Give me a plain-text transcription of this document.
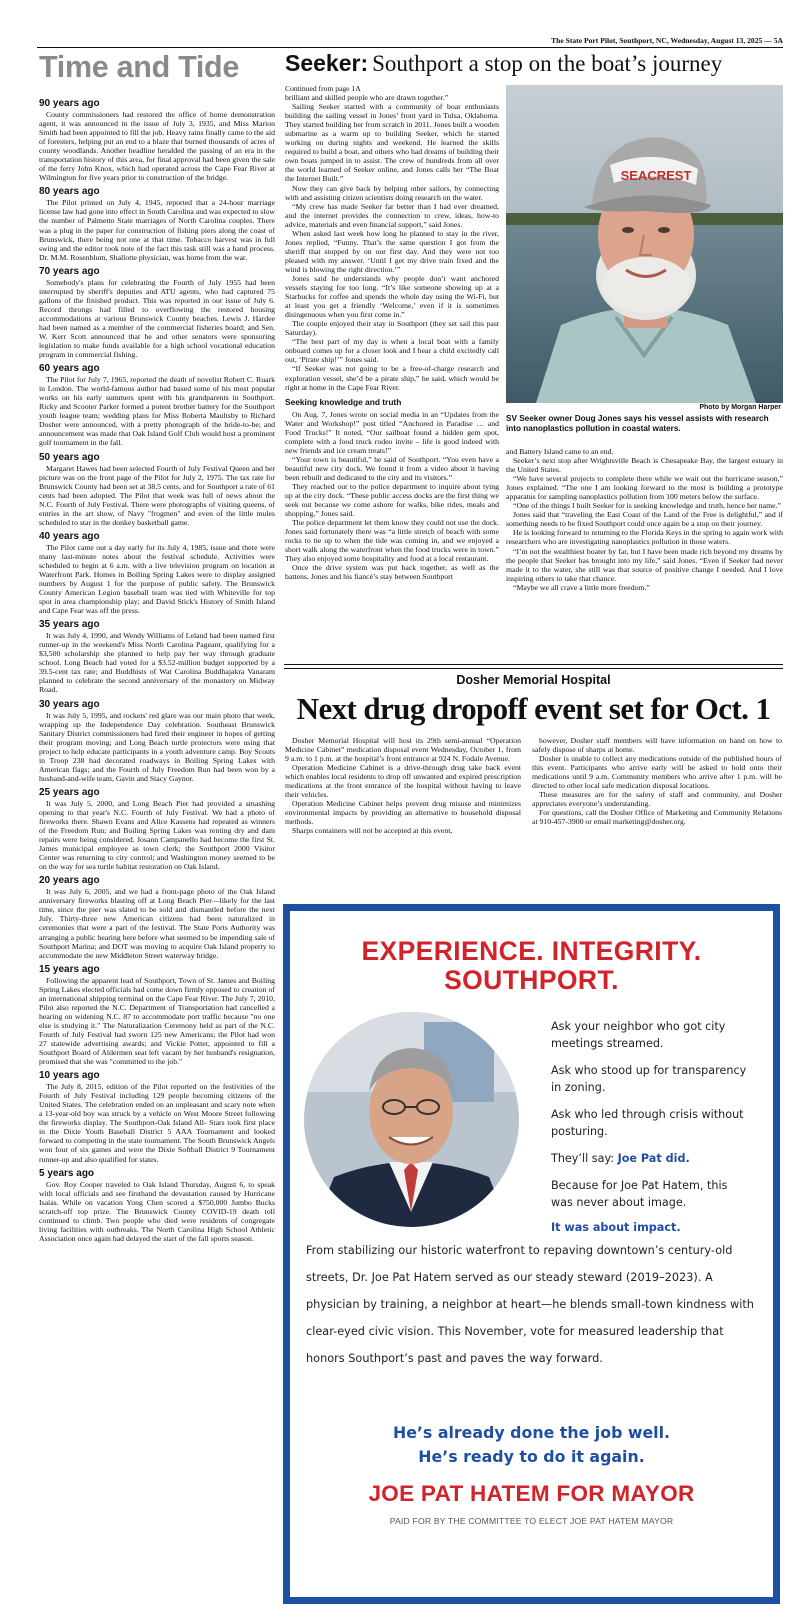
The State Port Pilot, Southport, NC, Wednesday, August 13, 2025 — 5A
Time and Tide
90 years ago

County commissioners had restored the office of home demonstration agent, it was announced in the issue of July 3, 1935, and Miss Marion Smith had been appointed to fill the job. Heavy rains finally came to the aid of foresters, helping put an end to a blaze that burned thousands of acres of county woodlands. Another headline heralded the passing of an era in the transportation history of this area, for final approval had been given the sale of the ferry John Knox, which had operated across the Cape Fear River at Wilmington for five years prior to construction of the bridge.

80 years ago

The Pilot printed on July 4, 1945, reported that a 24-hour marriage license law had gone into effect in South Carolina and was expected to slow the number of Palmetto State marriages of North Carolina couples. There was a plug in the paper for construction of fishing piers along the coast of Brunswick, there being not one at that time. Tobacco harvest was in full swing and the editor took note of the fact this task still was a hand process. Dr. M.M. Rosenblum, Shallotte physician, was home from the war.

70 years ago

Somebody's plans for celebrating the Fourth of July 1955 had been interrupted by sheriff's deputies and ATU agents, who had captured 75 gallons of the finished product. This was reported in our issue of July 6. Record throngs had filled to overflowing the restored housing accommodations at various Brunswick County beaches. Lewis J. Hardee had been named as a member of the commercial fisheries board; and Sen. W. Kerr Scott announced that he and other senators were sponsoring legislation to make funds available for a high school vocational education program in commercial fishing.

60 years ago

The Pilot for July 7, 1965, reported the death of novelist Robert C. Ruark in London. The world-famous author had based some of his most popular works on his early summers spent with his grandparents in Southport. Ricky and Scooter Parker formed a potent brother battery for the Southport youth league team; wedding plans for Miss Roberta Maultsby to Richard Dosher were announced, with a pretty photograph of the bride-to-be; and announcement was made that Oak Island Golf Club would host a prominent golf tournament in the fall.

50 years ago

Margaret Hawes had been selected Fourth of July Festival Queen and her picture was on the front page of the Pilot for July 2, 1975. The tax rate for Brunswick County had been set at 38.5 cents, and for Southport a rate of 61 cents had been adopted. The Pilot that week was full of news about the N.C. Fourth of July Festival. There were photographs of visiting queens, of entries in the art show, of Navy "frogmen" and even of the little mules scheduled to star in the donkey basketball game.

40 years ago

The Pilot came out a day early for its July 4, 1985, issue and there were many last-minute notes about the festival schedule. Activities were scheduled to begin at 6 a.m. with a live television program on location at Waterfront Park. Homes in Boiling Spring Lakes were to display assigned numbers by August 1 for the purpose of public safety. The Brunswick County American Legion baseball team was tied with Whiteville for top spot in area championship play; and David Stick's History of Smith Island and Cape Fear was off the press.

35 years ago

It was July 4, 1990, and Wendy Williams of Leland had been named first runner-up in the weekend's Miss North Carolina Pageant, qualifying for a $3,500 scholarship she planned to help pay her way through graduate school. Long Beach had voted for a $3.52-million budget supported by a 39.5-cent tax rate; and Buddhists of Wat Carolina Buddhajakra Vanaram planned to celebrate the second anniversary of the monastery on Midway Road.

30 years ago

It was July 5, 1995, and rockets' red glare was our main photo that week, wrapping up the Independence Day celebration. Southeast Brunswick Sanitary District commissioners had fired their engineer in hopes of getting their program moving; and Long Beach turtle protectors were using that project to help educate participants in a youth adventure camp. Boy Scouts in Troop 238 had decorated roadways in Boiling Spring Lakes with American flags; and the Fourth of July Freedom Run had been won by a husband-and-wife team, Gavin and Stacy Gaynor.

25 years ago

It was July 5, 2000, and Long Beach Pier had provided a smashing opening to that year's N.C. Fourth of July Festival. We had a photo of fireworks there. Shawn Evans and Alice Kassens had repeated as winners of the Freedom Run; and Boiling Spring Lakes was renting dry and dam repairs were being considered. Josann Campanello had become the first St. James municipal employee as town clerk; the Southport 2000 Visitor Center was returning to city control; and Washington money seemed to be on the way for sea turtle habitat restoration on Oak Island.

20 years ago

It was July 6, 2005, and we had a front-page photo of the Oak Island anniversary fireworks blasting off at Long Beach Pier—likely for the last time, since the pier was slated to be sold and dismantled before the next July. Thirty-three new American citizens had been naturalized in ceremonies that were a part of the festival. The State Ports Authority was arranging a public hearing here before what seemed to be impending sale of Southport Marina; and DOT was moving to acquire Oak Island property to accommodate the new Middleton Street waterway bridge.

15 years ago

Following the apparent lead of Southport, Town of St. James and Boiling Spring Lakes elected officials had come down firmly opposed to creation of an international shipping terminal on the Cape Fear River. The July 7, 2010, Pilot also reported the N.C. Department of Transportation had cancelled a hearing on widening N.C. 87 to accommodate port traffic because "no one else is studying it." The Naturalization Ceremony held as part of the N.C. Fourth of July Festival had sworn 125 new Americans; the Pilot had won 27 statewide advertising awards; and Vickie Potter, appointed to fill a Southport Board of Aldermen seat left vacant by her husband's resignation, promised that she was "committed to the job."

10 years ago

The July 8, 2015, edition of the Pilot reported on the festivities of the Fourth of July Festival including 129 people becoming citizens of the United States. The celebration ended on an unpleasant and scary note when a 13-year-old boy was struck by a vehicle on West Moore Street following the fireworks display. The Southport-Oak Island All- Stars took first place in the Dixie Youth Baseball District 5 AAA Tournament and looked forward to competing in the state tournament. The South Brunswick Angels won four of six games and were the Dixie Softball District 9 Tournament runner-up and also qualified for states.

5 years ago

Gov. Roy Cooper traveled to Oak Island Thursday, August 6, to speak with local officials and see firsthand the devastation caused by Hurricane Isaias. While on vacation Yong Chen scored a $750,000 Jumbo Bucks scratch-off top prize. The Brunswick County COVID-19 death toll continued to climb. Two people who died were residents of congregate living facilities with outbreaks. The North Carolina High School Athletic Association once again had delayed the start of the fall sports season.

Seeker: Southport a stop on the boat’s journey

Continued from page 1A

brilliant and skilled people who are drawn together.”

Sailing Seeker started with a community of boat enthusiasts building the sailing vessel in Jones’ front yard in Tulsa, Oklahoma. They started building her from scratch in 2011. Jones built a wooden submarine as a warm up to building Seeker, which he started working on during nights and weekend. He learned the skills required to build a boat, and others who had dreams of building their own boats jumped in to assist. The crew of hundreds from all over the world learned of Seeker online, and Jones calls her “The Boat the Internet Built.”

Now they can give back by helping other sailors, by connecting with and assisting citizen scientists doing research on the water.

“My crew has made Seeker far better than I had ever dreamed, and the internet provides the connection to crew, ideas, how-to advice, materials and even financial support,” said Jones.

When asked last week how long he planned to stay in the river, Jones replied, “Funny. That’s the same question I got from the sheriff that stopped by on our first day. And they were not too pleased with my answer. ‘Until I get my drive train fixed and the wind is blowing the right direction.’”

Jones said he understands why people don’t want anchored vessels staying for too long. “It’s like someone showing up at a Starbucks for coffee and spends the whole day using the Wi-Fi, but at least you get a friendly ‘Welcome,’ even if it is sometimes disingenuous when you first come in.”

The couple enjoyed their stay in Southport (they set sail this past Saturday).

“The best part of my day is when a local boat with a family onboard comes up for a closer look and I hear a child excitedly call out, ‘Pirate ship!’” Jones said.

“If Seeker was not going to be a free-of-charge research and exploration vessel, she’d be a pirate ship,” he said, which would be right at home in the Cape Fear River.

Seeking knowledge and truth

On Aug. 7, Jones wrote on social media in an “Updates from the Water and Workshop!” post titled “Anchored in Paradise … and Food Trucks!” It noted, “Our sailboat found a hidden gem spot, complete with a food truck rodeo invite – life is good indeed with new friends and ice cream treats!”

“Your town is beautiful,” he said of Southport. “You even have a beautiful new city dock. We found it from a video about it having been rebuilt and dedicated to the city and its visitors.”

They reached out to the police department to inquire about tying up at the city dock. “These public access docks are the first thing we seek out because we come ashore for walks, bike rides, meals and shopping,” Jones said.

The police department let them know they could not use the dock. Jones said fortunately there was “a little stretch of beach with some rocks to tie up to when the tide was coming in, and we enjoyed a short walk along the waterfront when the food trucks were in town.” They also enjoyed some hospitality and food at a local restaurant.

Once the drive system was put back together, as well as the battens, Jones and his fiancé’s stay between Southport

SEACREST
Photo by Morgan Harper
SV Seeker owner Doug Jones says his vessel assists with research into nanoplastics pollution in coastal waters.

and Battery Island came to an end.

Seeker’s next stop after Wrightsville Beach is Chesapeake Bay, the largest estuary in the United States.

“We have several projects to complete there while we wait out the hurricane season,” Jones explained. “The one I am looking forward to the most is building a prototype apparatus for sampling nanoplastics pollution from 100 meters below the surface.

“One of the things I built Seeker for is seeking knowledge and truth, hence her name.”

Jones said that “traveling the East Coast of the Land of the Free is delightful,” and if something needs to be fixed Southport could once again be a stop on their journey.

He is looking forward to returning to the Florida Keys in the spring to again work with researchers who are investigating nanoplastics pollution in those waters.

“I’m not the wealthiest boater by far, but I have been made rich beyond my dreams by the people that Seeker has brought into my life,” said Jones. “Even if Seeker had never made it to the water, she still was that source of positive change I needed. And I love inspiring others to take that chance.

“Maybe we all crave a little more freedom.”

Dosher Memorial Hospital
Next drug dropoff event set for Oct. 1

Dosher Memorial Hospital will host its 29th semi-annual “Operation Medicine Cabinet” medication disposal event Wednesday, October 1, from 9 a.m. to 1 p.m. at the hospital’s front entrance at 924 N. Fodale Avenue.

Operation Medicine Cabinet is a drive-through drug take back event which enables local residents to drop off unwanted and expired prescription medications at the front entrance of the hospital without having to leave their vehicles.

Operation Medicine Cabinet helps prevent drug misuse and minimizes environmental impacts by providing an alternative to household disposal methods.

Sharps containers will not be accepted at this event,

however, Dosher staff members will have information on hand on how to safely dispose of sharps at home.

Dosher is unable to collect any medications outside of the published hours of this event. Participants who arrive early will be asked to hold onto their medications until 9 a.m. Community members who arrive after 1 p.m. will be directed to other local safe medication disposal locations.

These measures are for the safety of staff and community, and Dosher appreciates everyone’s understanding.

For questions, call the Dosher Office of Marketing and Community Relations at 910-457-3900 or email marketing@dosher.org.

EXPERIENCE. INTEGRITY.
SOUTHPORT.

Ask your neighbor who got city meetings streamed.

Ask who stood up for transparency in zoning.

Ask who led through crisis without posturing.

They’ll say: Joe Pat did.

Because for Joe Pat Hatem, this was never about image.

It was about impact.

From stabilizing our historic waterfront to repaving downtown’s century-old streets, Dr. Joe Pat Hatem served as our steady steward (2019–2023). A physician by training, a neighbor at heart—he blends small-town kindness with clear-eyed civic vision. This November, vote for measured leadership that honors Southport’s past and paves the way forward.
He’s already done the job well.
He’s ready to do it again.
JOE PAT HATEM FOR MAYOR
PAID FOR BY THE COMMITTEE TO ELECT JOE PAT HATEM MAYOR
